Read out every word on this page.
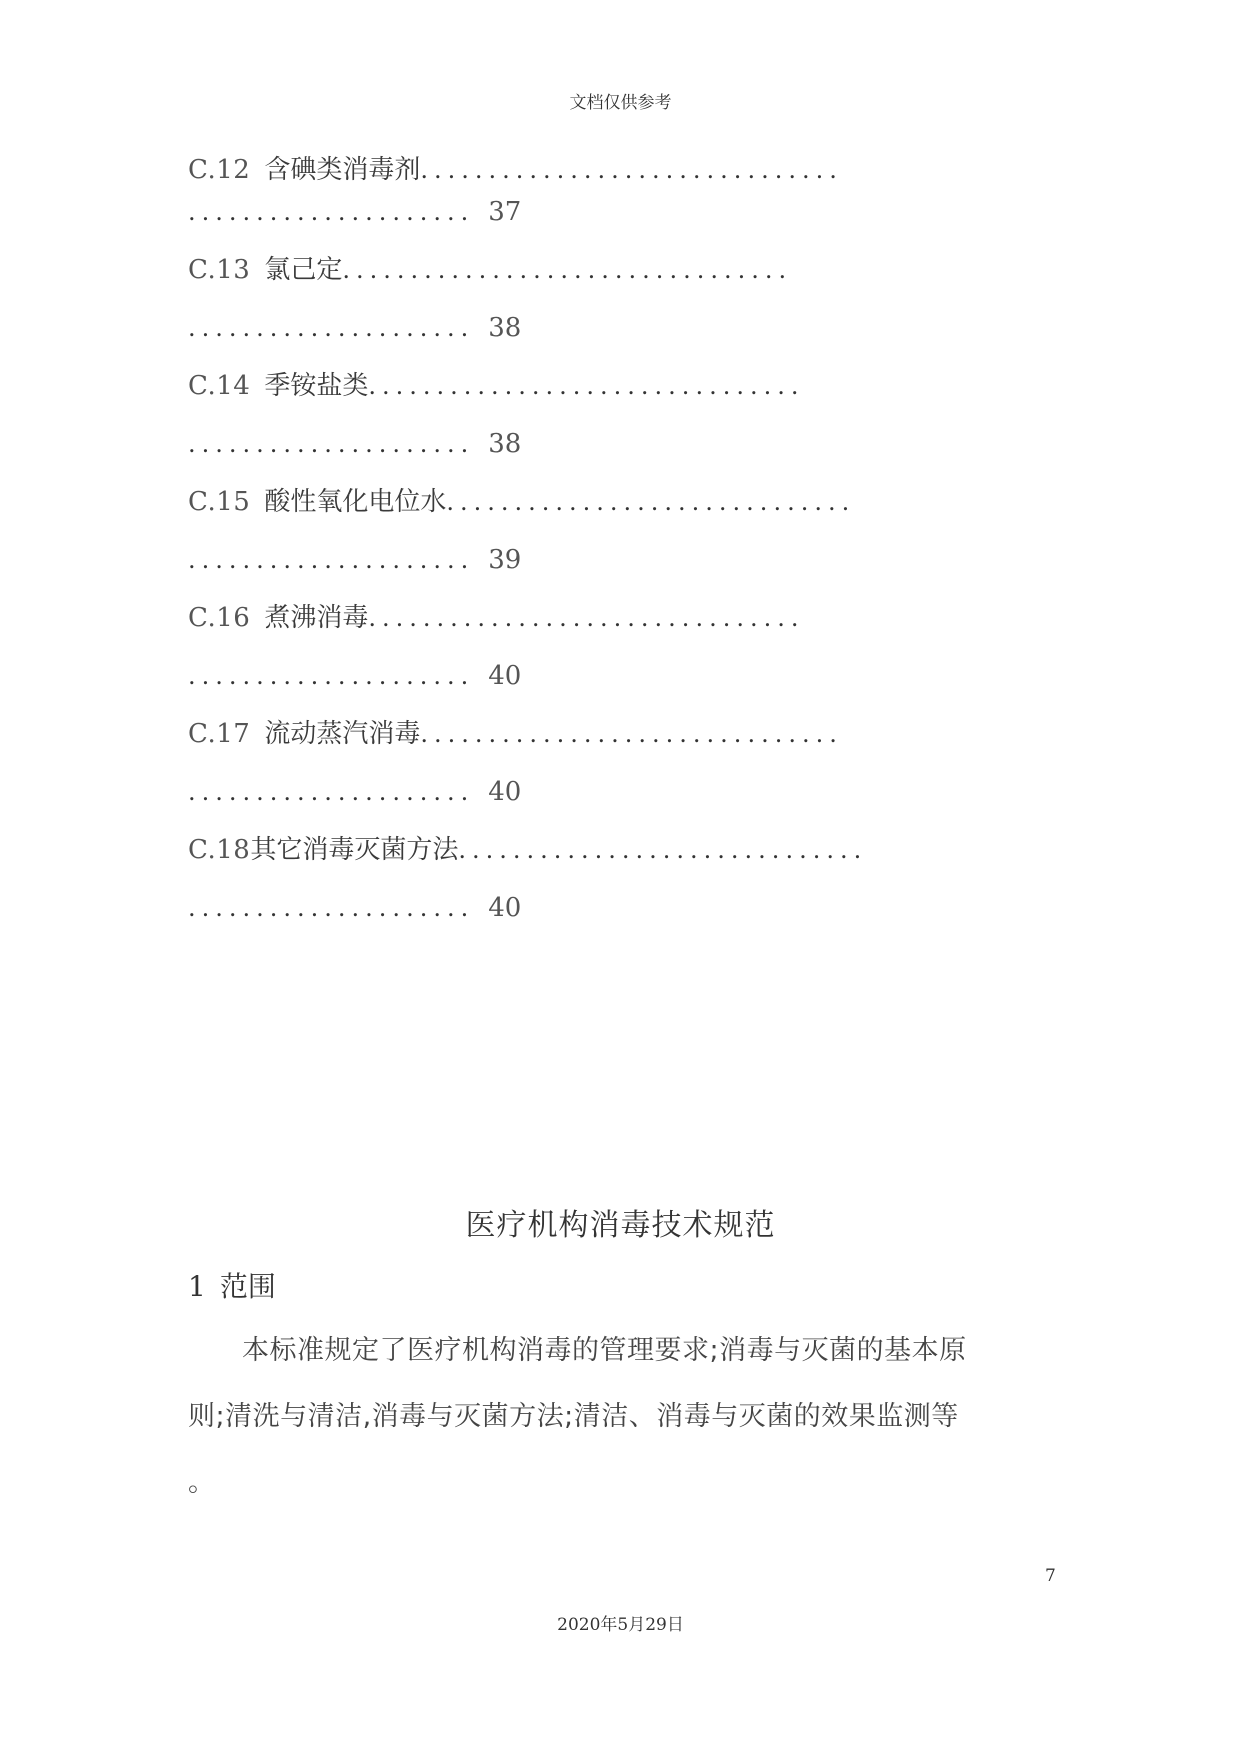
文档仅供参考
C.12 含碘类消毒剂...............................
..................... 37
C.13 氯己定.................................
..................... 38
C.14 季铵盐类................................
..................... 38
C.15 酸性氧化电位水..............................
..................... 39
C.16 煮沸消毒................................
..................... 40
C.17 流动蒸汽消毒...............................
..................... 40
C.18其它消毒灭菌方法..............................
..................... 40
医疗机构消毒技术规范
1 范围
本标准规定了医疗机构消毒的管理要求;消毒与灭菌的基本原
则;清洗与清洁,消毒与灭菌方法;清洁、消毒与灭菌的效果监测等
。
7
2020年5月29日
